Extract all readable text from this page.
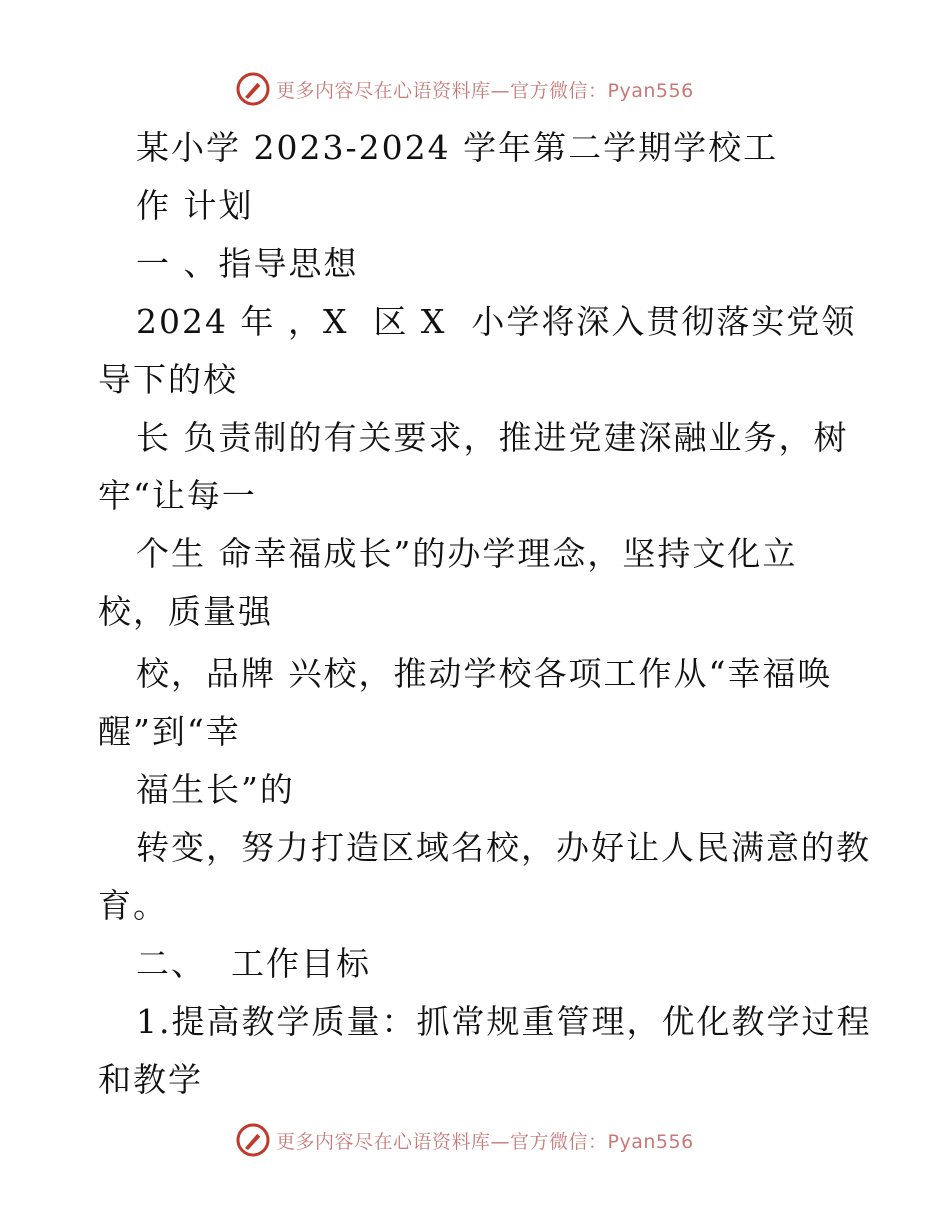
更多内容尽在心语资料库—官方微信：Pyan556
某小学 2023-2024 学年第二学期学校工
作 计划
一 、指导思想
2024 年 ，X  区 X  小学将深入贯彻落实党领
导下的校
长 负责制的有关要求，推进党建深融业务，树
牢“让每一
个生 命幸福成长”的办学理念，坚持文化立
校，质量强
校，品牌 兴校，推动学校各项工作从“幸福唤
醒”到“幸
福生长”的
转变，努力打造区域名校，办好让人民满意的教
育。
二、  工作目标
1.提高教学质量：抓常规重管理，优化教学过程
和教学
更多内容尽在心语资料库—官方微信：Pyan556
